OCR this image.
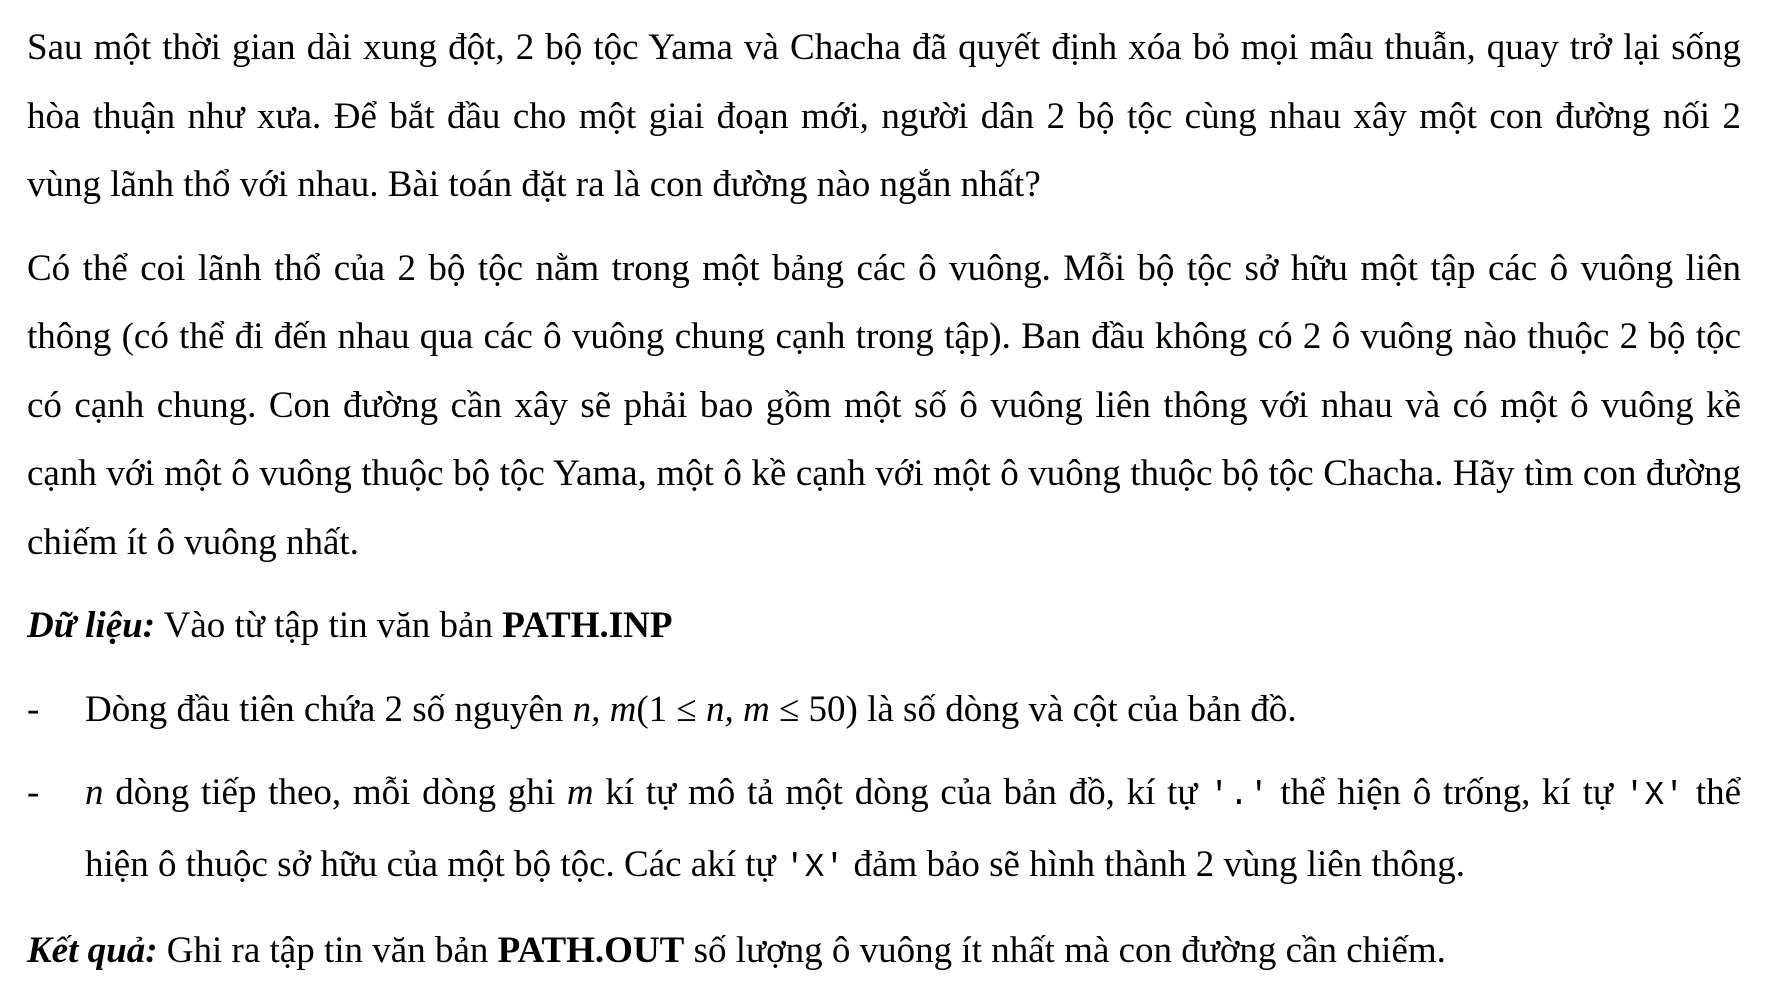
Sau một thời gian dài xung đột, 2 bộ tộc Yama và Chacha đã quyết định xóa bỏ mọi mâu thuẫn, quay trở lại sống hòa thuận như xưa. Để bắt đầu cho một giai đoạn mới, người dân 2 bộ tộc cùng nhau xây một con đường nối 2 vùng lãnh thổ với nhau. Bài toán đặt ra là con đường nào ngắn nhất?

Có thể coi lãnh thổ của 2 bộ tộc nằm trong một bảng các ô vuông. Mỗi bộ tộc sở hữu một tập các ô vuông liên thông (có thể đi đến nhau qua các ô vuông chung cạnh trong tập). Ban đầu không có 2 ô vuông nào thuộc 2 bộ tộc có cạnh chung. Con đường cần xây sẽ phải bao gồm một số ô vuông liên thông với nhau và có một ô vuông kề cạnh với một ô vuông thuộc bộ tộc Yama, một ô kề cạnh với một ô vuông thuộc bộ tộc Chacha. Hãy tìm con đường chiếm ít ô vuông nhất.

Dữ liệu: Vào từ tập tin văn bản PATH.INP

- Dòng đầu tiên chứa 2 số nguyên n, m(1 ≤ n, m ≤ 50) là số dòng và cột của bản đồ.

- n dòng tiếp theo, mỗi dòng ghi m kí tự mô tả một dòng của bản đồ, kí tự '.' thể hiện ô trống, kí tự 'X' thể hiện ô thuộc sở hữu của một bộ tộc. Các akí tự 'X' đảm bảo sẽ hình thành 2 vùng liên thông.

Kết quả: Ghi ra tập tin văn bản PATH.OUT số lượng ô vuông ít nhất mà con đường cần chiếm.
